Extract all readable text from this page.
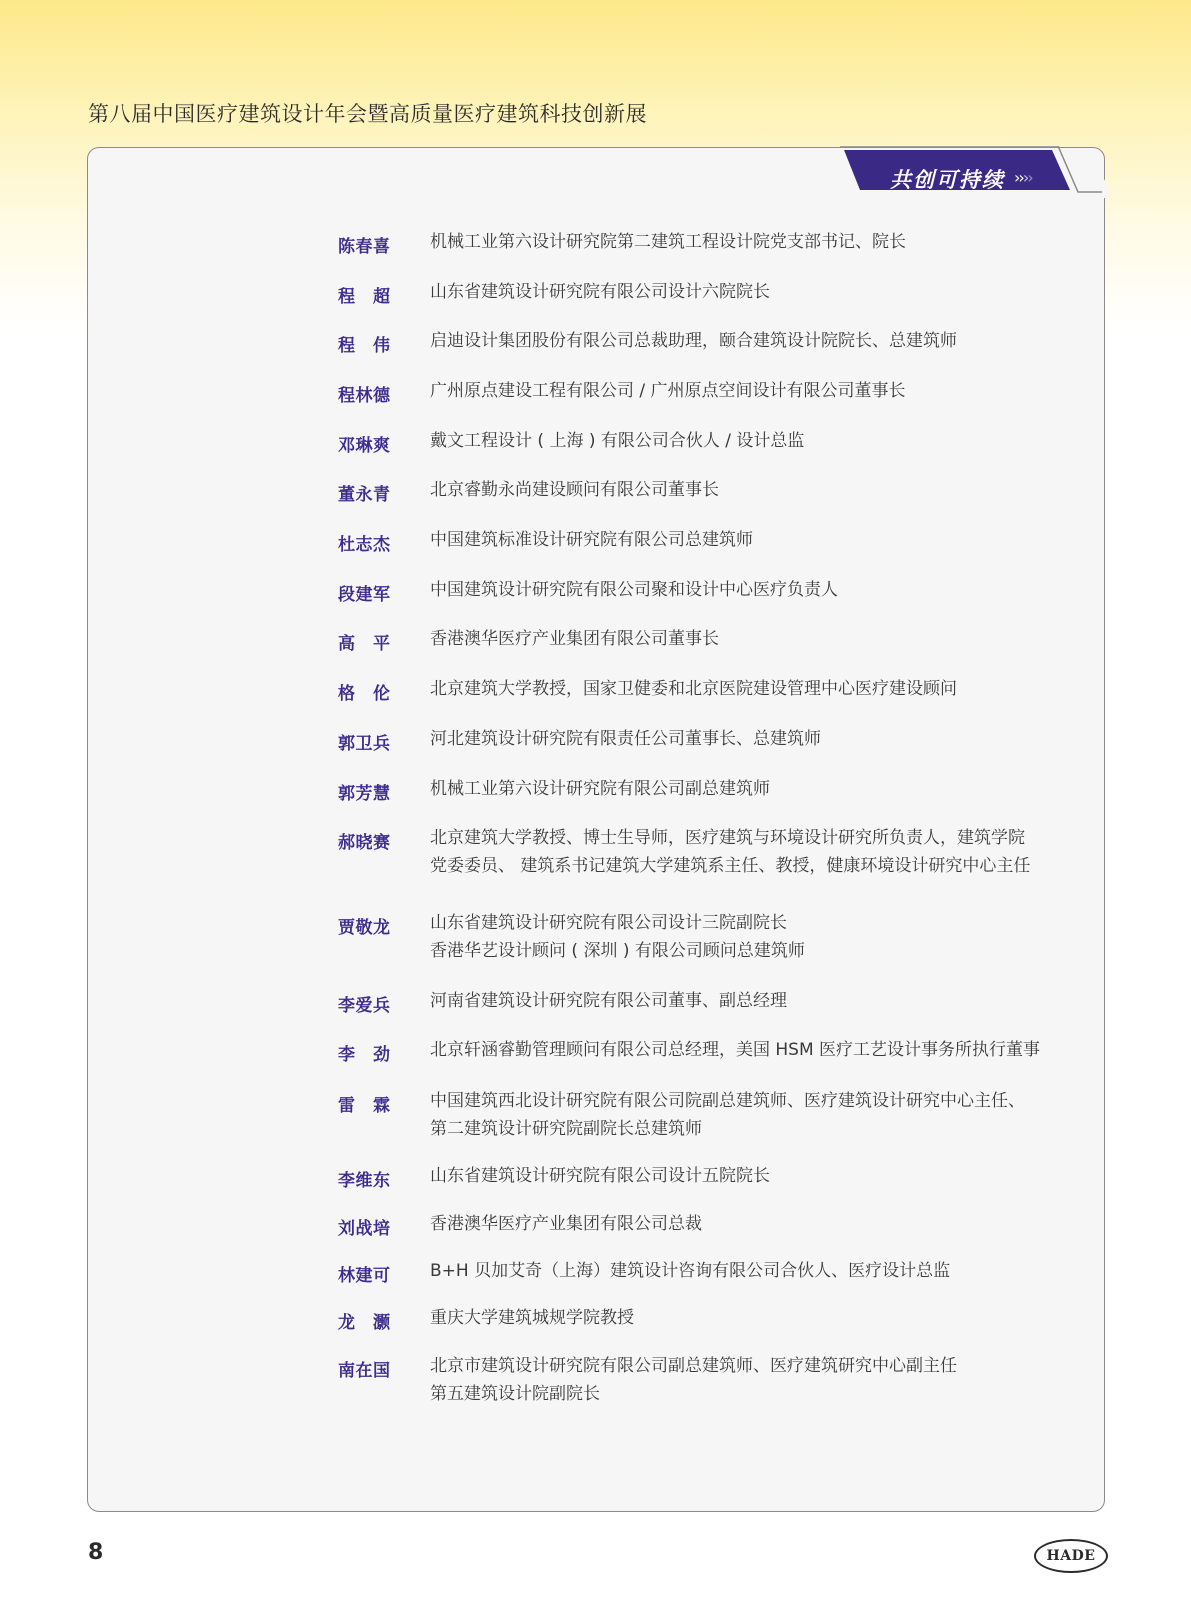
第八届中国医疗建筑设计年会暨高质量医疗建筑科技创新展
共创可持续 ››››
陈春喜	机械工业第六设计研究院第二建筑工程设计院党支部书记、院长
程　超	山东省建筑设计研究院有限公司设计六院院长
程　伟	启迪设计集团股份有限公司总裁助理，颐合建筑设计院院长、总建筑师
程林德	广州原点建设工程有限公司 / 广州原点空间设计有限公司董事长
邓琳爽	戴文工程设计 ( 上海 ) 有限公司合伙人 / 设计总监
董永青	北京睿勤永尚建设顾问有限公司董事长
杜志杰	中国建筑标准设计研究院有限公司总建筑师
段建军	中国建筑设计研究院有限公司聚和设计中心医疗负责人
高　平	香港澳华医疗产业集团有限公司董事长
格　伦	北京建筑大学教授，国家卫健委和北京医院建设管理中心医疗建设顾问
郭卫兵	河北建筑设计研究院有限责任公司董事长、总建筑师
郭芳慧	机械工业第六设计研究院有限公司副总建筑师
郝晓赛	北京建筑大学教授、博士生导师，医疗建筑与环境设计研究所负责人，建筑学院
党委委员、 建筑系书记建筑大学建筑系主任、教授，健康环境设计研究中心主任
贾敬龙	山东省建筑设计研究院有限公司设计三院副院长
香港华艺设计顾问 ( 深圳 ) 有限公司顾问总建筑师
李爱兵	河南省建筑设计研究院有限公司董事、副总经理
李　劲	北京轩涵睿勤管理顾问有限公司总经理，美国 HSM 医疗工艺设计事务所执行董事
雷　霖	中国建筑西北设计研究院有限公司院副总建筑师、医疗建筑设计研究中心主任、
第二建筑设计研究院副院长总建筑师
李维东	山东省建筑设计研究院有限公司设计五院院长
刘战培	香港澳华医疗产业集团有限公司总裁
林建可	B+H 贝加艾奇（上海）建筑设计咨询有限公司合伙人、医疗设计总监
龙　灏	重庆大学建筑城规学院教授
南在国	北京市建筑设计研究院有限公司副总建筑师、医疗建筑研究中心副主任
第五建筑设计院副院长
8	HADE
